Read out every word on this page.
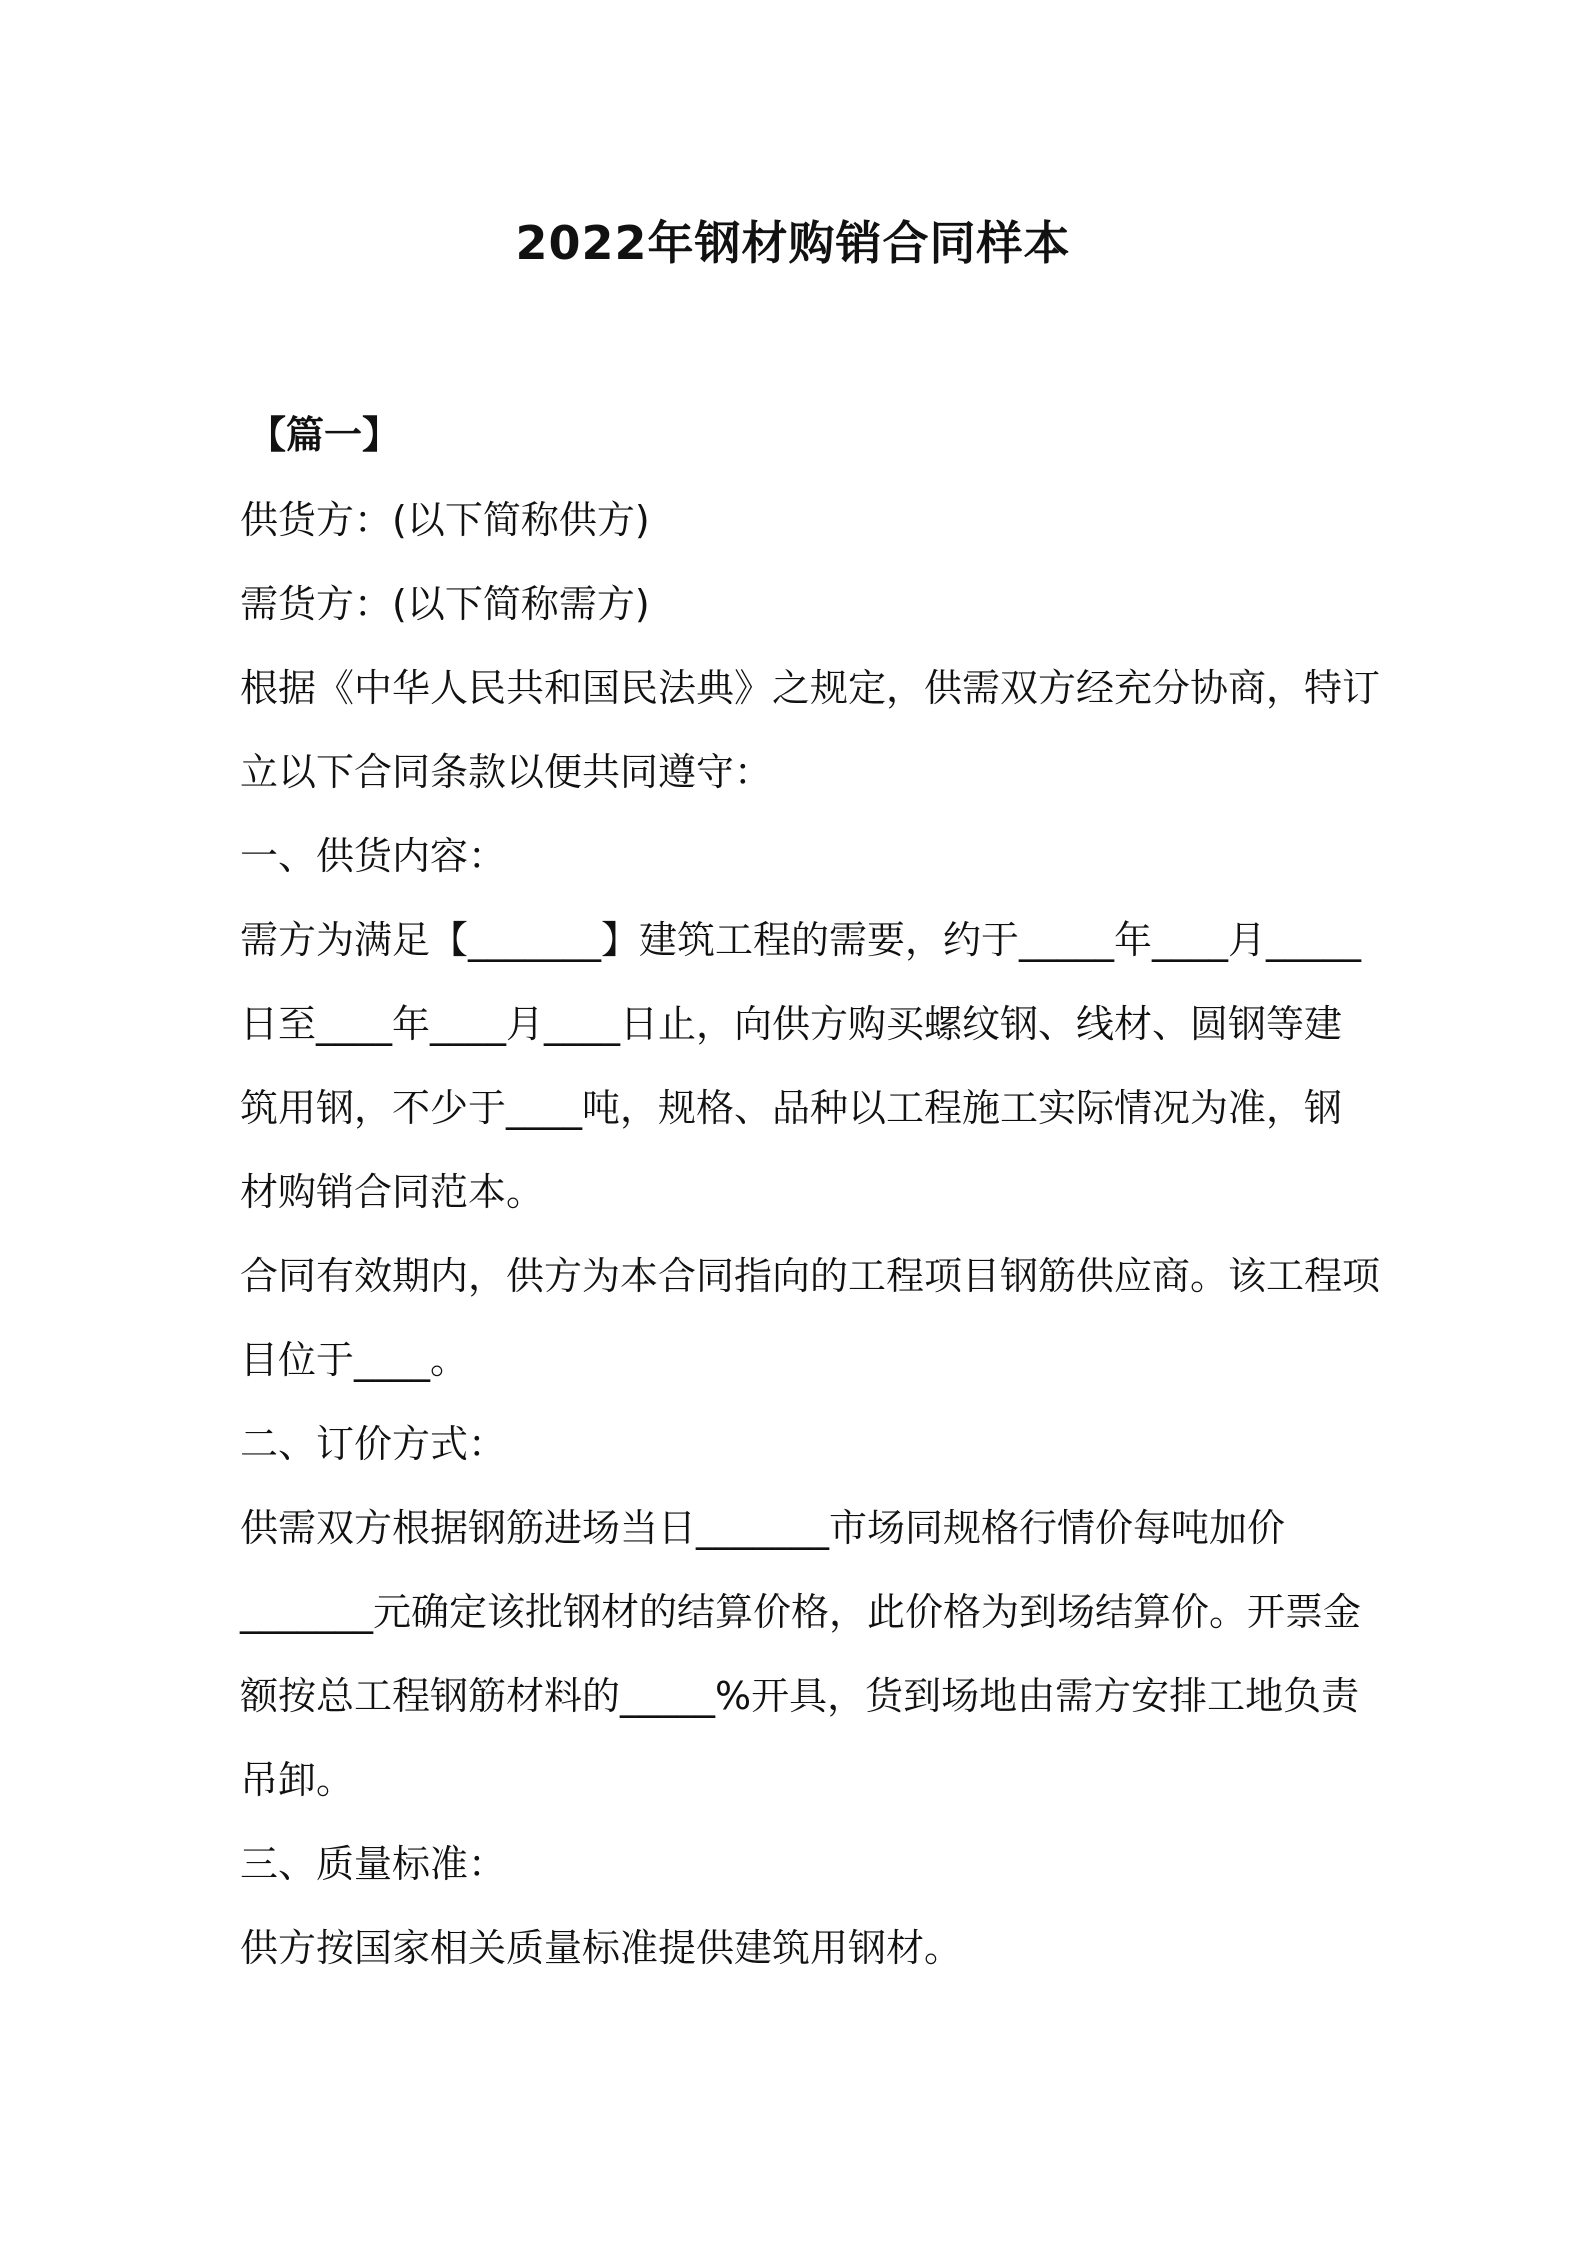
2022年钢材购销合同样本
【篇一】
供货方：(以下简称供方)
需货方：(以下简称需方)
根据《中华人民共和国民法典》之规定，供需双方经充分协商，特订
立以下合同条款以便共同遵守：
一、供货内容：
需方为满足【_______】建筑工程的需要，约于_____年____月_____
日至____年____月____日止，向供方购买螺纹钢、线材、圆钢等建
筑用钢，不少于____吨，规格、品种以工程施工实际情况为准，钢
材购销合同范本。
合同有效期内，供方为本合同指向的工程项目钢筋供应商。该工程项
目位于____。
二、订价方式：
供需双方根据钢筋进场当日_______市场同规格行情价每吨加价
_______元确定该批钢材的结算价格，此价格为到场结算价。开票金
额按总工程钢筋材料的_____%开具，货到场地由需方安排工地负责
吊卸。
三、质量标准：
供方按国家相关质量标准提供建筑用钢材。
